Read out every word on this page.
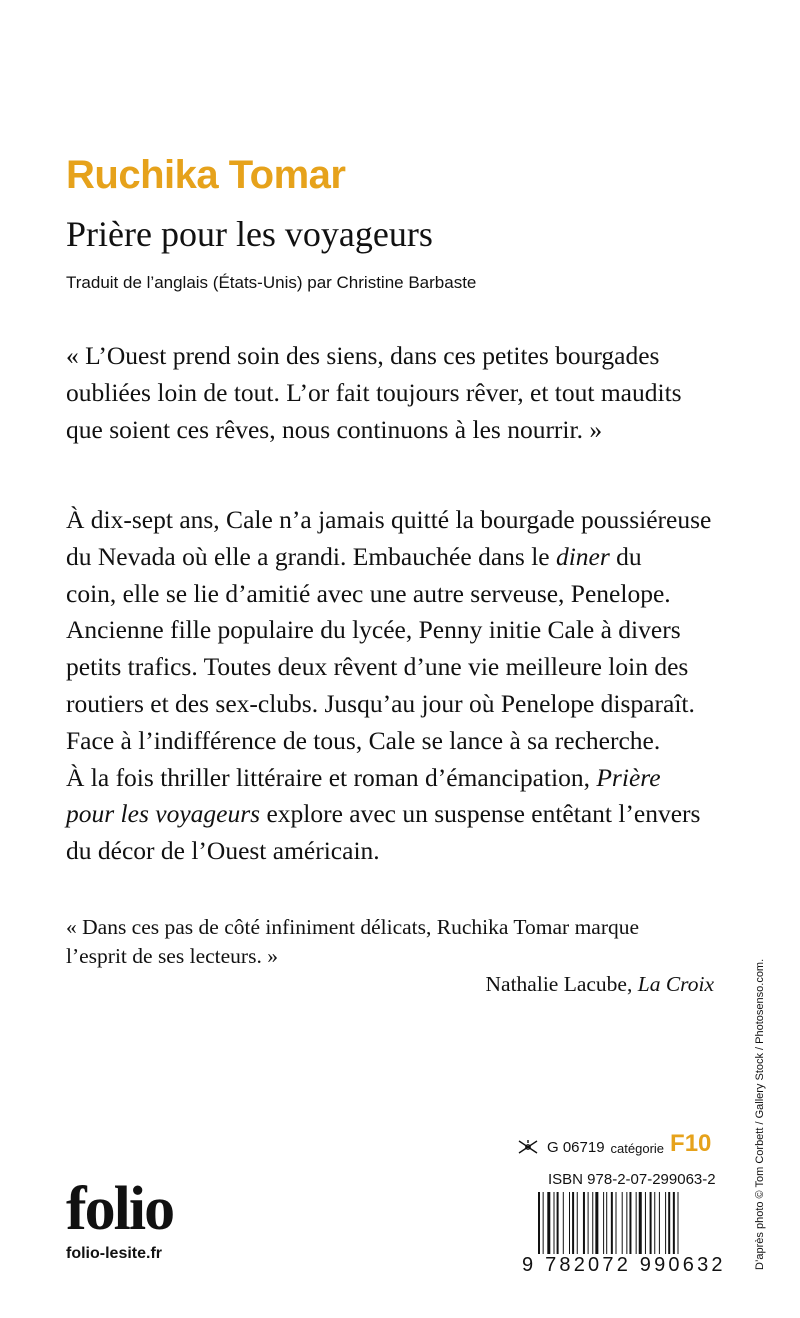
Ruchika Tomar
Prière pour les voyageurs
Traduit de l’anglais (États-Unis) par Christine Barbaste
« L’Ouest prend soin des siens, dans ces petites bourgades
oubliées loin de tout. L’or fait toujours rêver, et tout maudits
que soient ces rêves, nous continuons à les nourrir. »
À dix-sept ans, Cale n’a jamais quitté la bourgade poussiéreuse
du Nevada où elle a grandi. Embauchée dans le diner du
coin, elle se lie d’amitié avec une autre serveuse, Penelope.
Ancienne fille populaire du lycée, Penny initie Cale à divers
petits trafics. Toutes deux rêvent d’une vie meilleure loin des
routiers et des sex-clubs. Jusqu’au jour où Penelope disparaît.
Face à l’indifférence de tous, Cale se lance à sa recherche.
À la fois thriller littéraire et roman d’émancipation, Prière
pour les voyageurs explore avec un suspense entêtant l’envers
du décor de l’Ouest américain.
« Dans ces pas de côté infiniment délicats, Ruchika Tomar marque
l’esprit de ses lecteurs. »
Nathalie Lacube, La Croix
G 06719 catégorie F10
ISBN 978-2-07-299063-2
9 782072 990632
folio
folio-lesite.fr	D’après photo © Tom Corbett / Gallery Stock / Photosenso.com.
